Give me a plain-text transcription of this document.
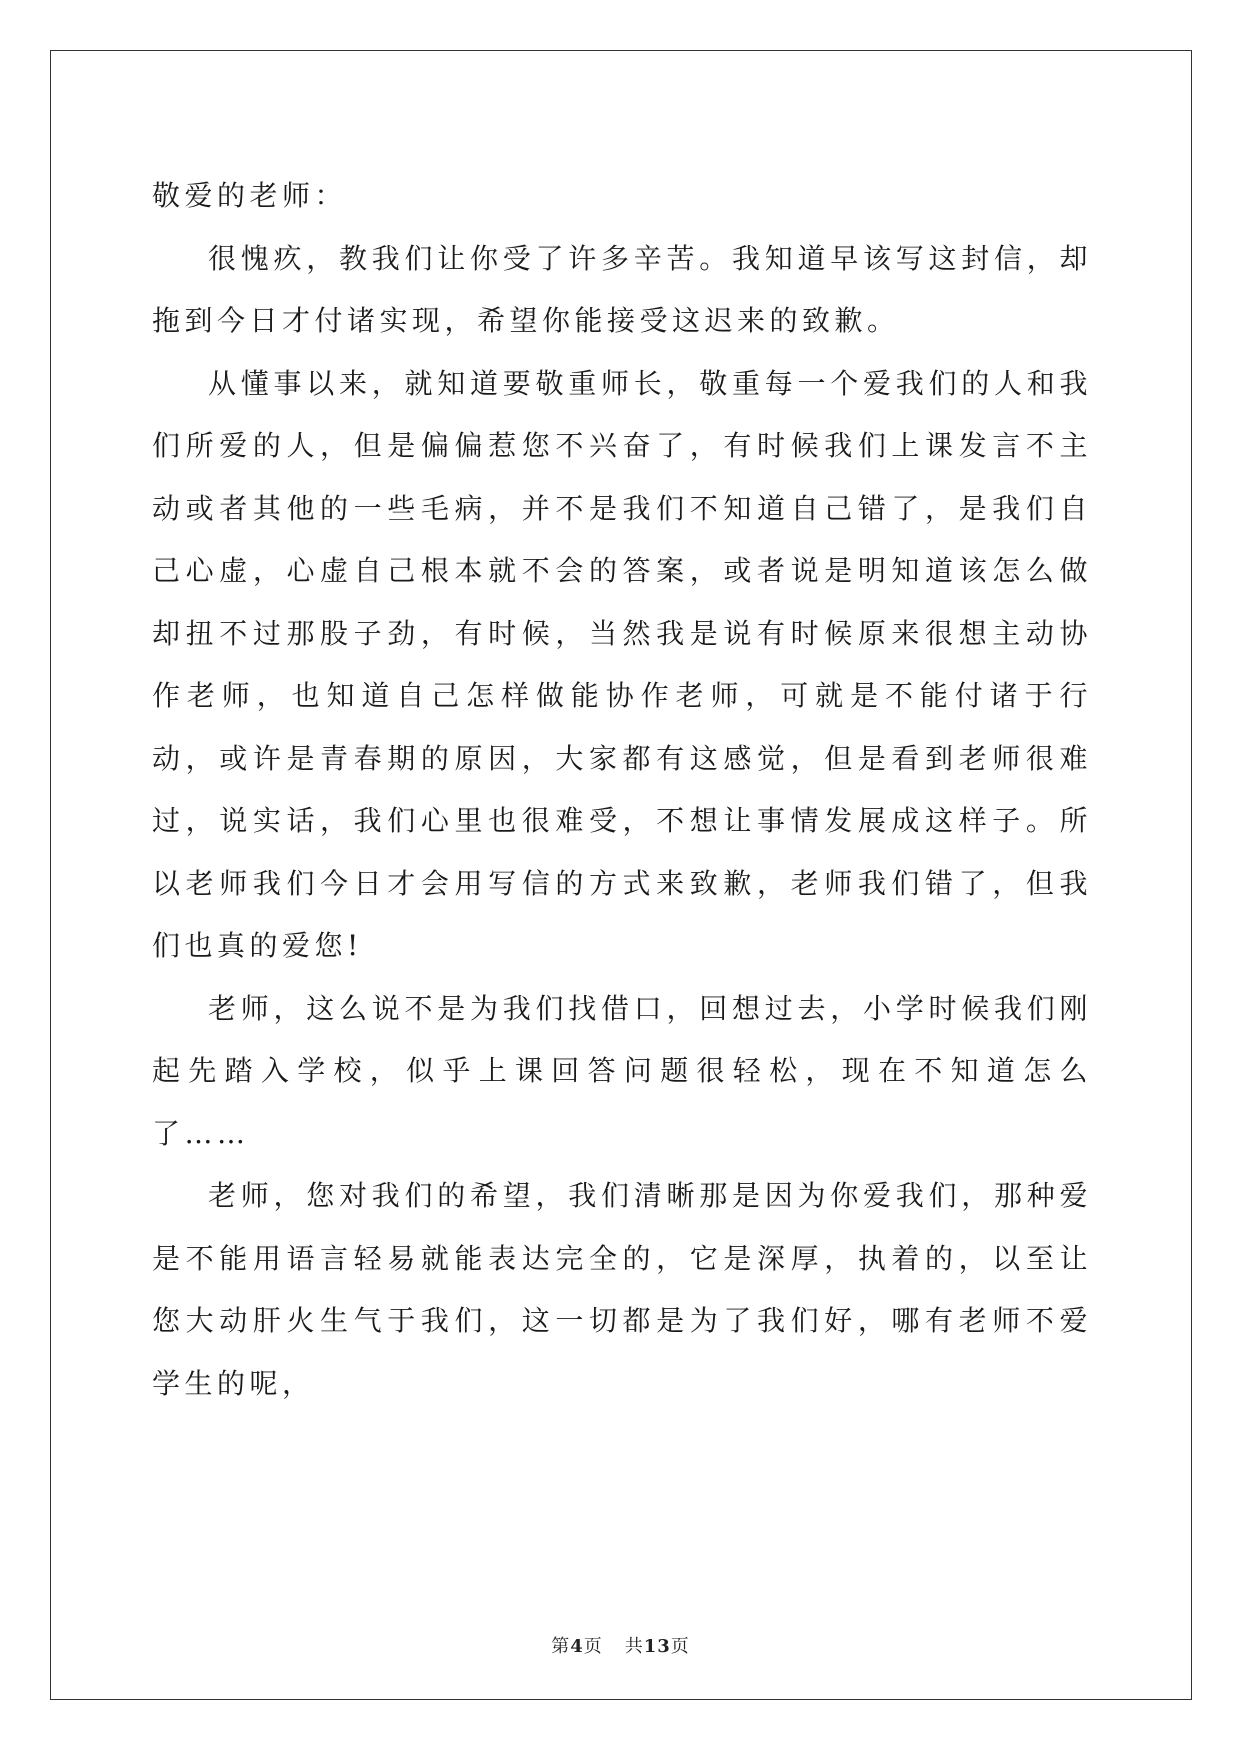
敬爱的老师：

很愧疚，教我们让你受了许多辛苦。我知道早该写这封信，却拖到今日才付诸实现，希望你能接受这迟来的致歉。

从懂事以来，就知道要敬重师长，敬重每一个爱我们的人和我们所爱的人，但是偏偏惹您不兴奋了，有时候我们上课发言不主动或者其他的一些毛病，并不是我们不知道自己错了，是我们自己心虚，心虚自己根本就不会的答案，或者说是明知道该怎么做却扭不过那股子劲，有时候，当然我是说有时候原来很想主动协作老师，也知道自己怎样做能协作老师，可就是不能付诸于行动，或许是青春期的原因，大家都有这感觉，但是看到老师很难过，说实话，我们心里也很难受，不想让事情发展成这样子。所以老师我们今日才会用写信的方式来致歉，老师我们错了，但我们也真的爱您!

老师，这么说不是为我们找借口，回想过去，小学时候我们刚起先踏入学校，似乎上课回答问题很轻松，现在不知道怎么了……

老师，您对我们的希望，我们清晰那是因为你爱我们，那种爱是不能用语言轻易就能表达完全的，它是深厚，执着的，以至让您大动肝火生气于我们，这一切都是为了我们好，哪有老师不爱学生的呢，

第4页 共13页
